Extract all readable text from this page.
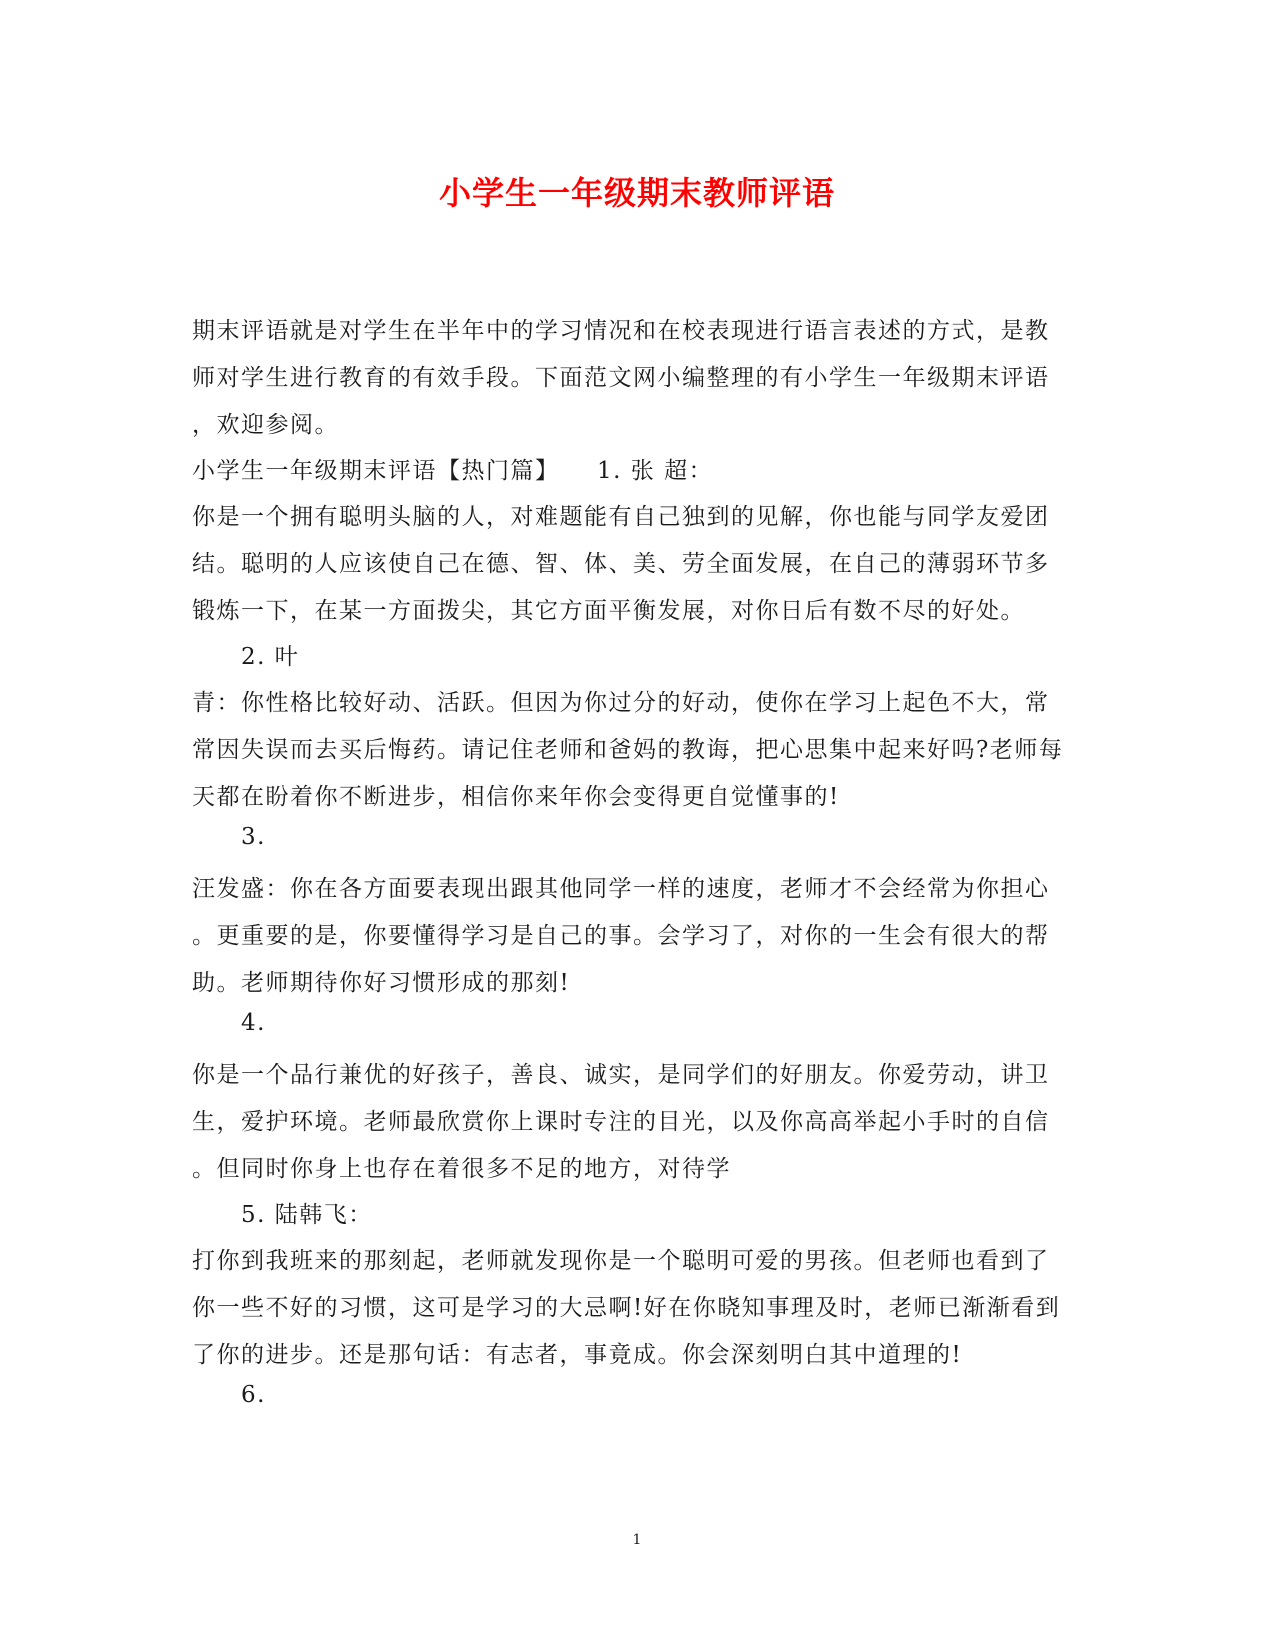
小学生一年级期末教师评语
期末评语就是对学生在半年中的学习情况和在校表现进行语言表述的方式，是教
师对学生进行教育的有效手段。下面范文网小编整理的有小学生一年级期末评语
，欢迎参阅。
小学生一年级期末评语【热门篇】　　1. 张 超：
你是一个拥有聪明头脑的人，对难题能有自己独到的见解，你也能与同学友爱团
结。聪明的人应该使自己在德、智、体、美、劳全面发展，在自己的薄弱环节多
锻炼一下，在某一方面拨尖，其它方面平衡发展，对你日后有数不尽的好处。
2. 叶
青：你性格比较好动、活跃。但因为你过分的好动，使你在学习上起色不大，常
常因失误而去买后悔药。请记住老师和爸妈的教诲，把心思集中起来好吗?老师每
天都在盼着你不断进步，相信你来年你会变得更自觉懂事的!
3.
汪发盛：你在各方面要表现出跟其他同学一样的速度，老师才不会经常为你担心
。更重要的是，你要懂得学习是自己的事。会学习了，对你的一生会有很大的帮
助。老师期待你好习惯形成的那刻!
4.
你是一个品行兼优的好孩子，善良、诚实，是同学们的好朋友。你爱劳动，讲卫
生，爱护环境。老师最欣赏你上课时专注的目光，以及你高高举起小手时的自信
。但同时你身上也存在着很多不足的地方，对待学
5. 陆韩飞：
打你到我班来的那刻起，老师就发现你是一个聪明可爱的男孩。但老师也看到了
你一些不好的习惯，这可是学习的大忌啊!好在你晓知事理及时，老师已渐渐看到
了你的进步。还是那句话：有志者，事竟成。你会深刻明白其中道理的!
6.
1
